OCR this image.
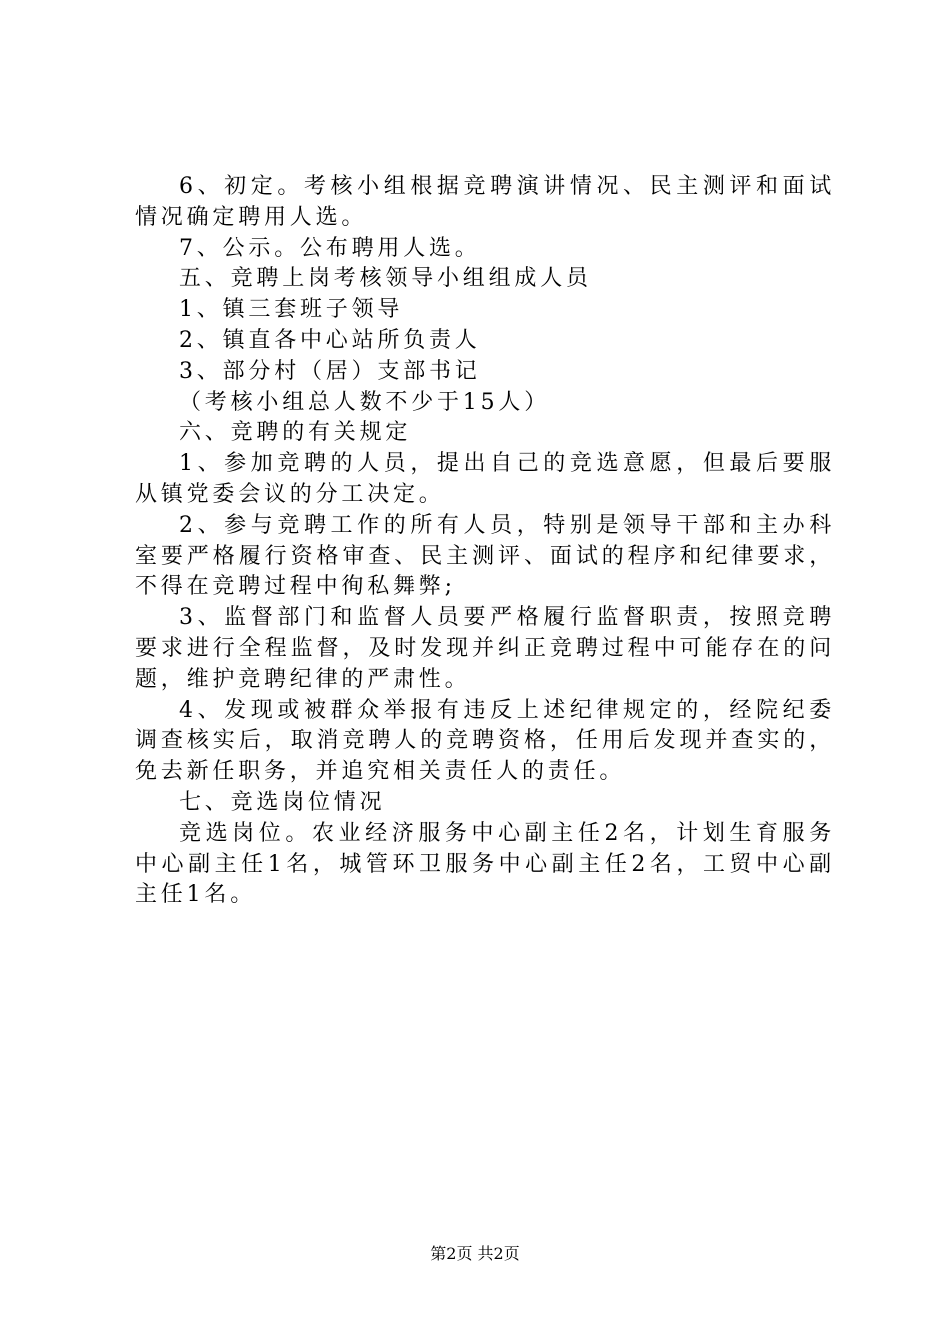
6、初定。考核小组根据竞聘演讲情况、民主测评和面试情况确定聘用人选。

7、公示。公布聘用人选。

五、竞聘上岗考核领导小组组成人员

1、镇三套班子领导

2、镇直各中心站所负责人

3、部分村（居）支部书记

（考核小组总人数不少于15人）

六、竞聘的有关规定

1、参加竞聘的人员，提出自己的竞选意愿，但最后要服从镇党委会议的分工决定。

2、参与竞聘工作的所有人员，特别是领导干部和主办科室要严格履行资格审查、民主测评、面试的程序和纪律要求，不得在竞聘过程中徇私舞弊;

3、监督部门和监督人员要严格履行监督职责，按照竞聘要求进行全程监督，及时发现并纠正竞聘过程中可能存在的问题，维护竞聘纪律的严肃性。

4、发现或被群众举报有违反上述纪律规定的，经院纪委调查核实后，取消竞聘人的竞聘资格，任用后发现并查实的，免去新任职务，并追究相关责任人的责任。

七、竞选岗位情况

竞选岗位。农业经济服务中心副主任2名，计划生育服务中心副主任1名，城管环卫服务中心副主任2名，工贸中心副主任1名。

第2页 共2页
